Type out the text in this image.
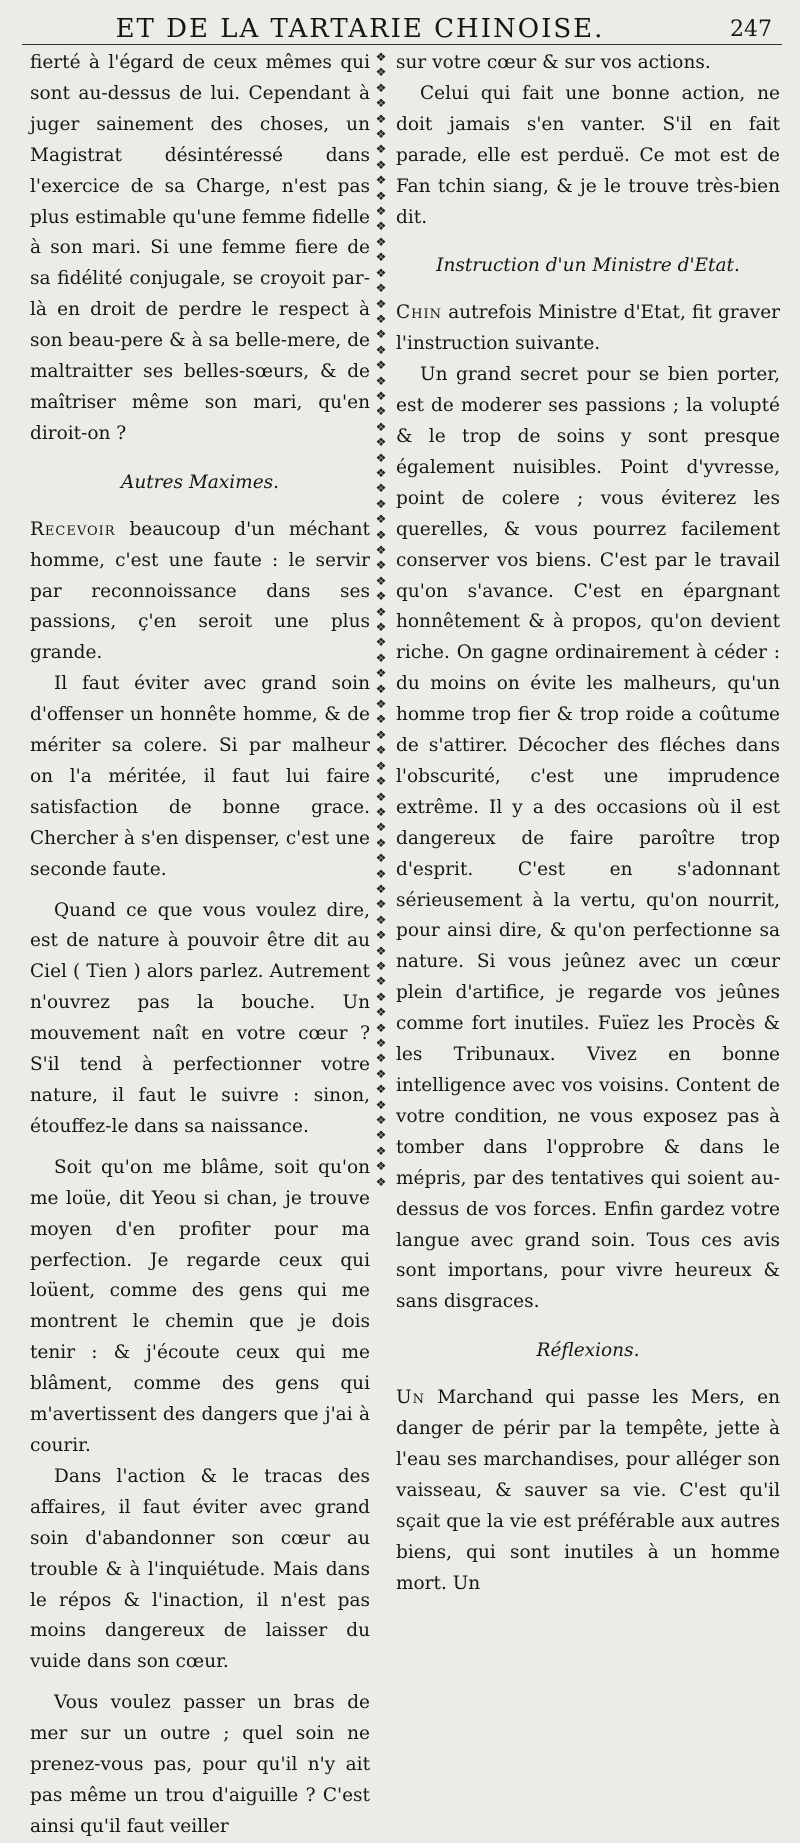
ET DE LA TARTARIE CHINOISE.	247

fierté à l'égard de ceux mêmes qui sont au-dessus de lui. Cependant à juger sainement des choses, un Magistrat désintéressé dans l'exercice de sa Charge, n'est pas plus estimable qu'une femme fidelle à son mari. Si une femme fiere de sa fidélité conjugale, se croyoit par-là en droit de perdre le respect à son beau-pere & à sa belle-mere, de maltraitter ses belles-sœurs, & de maîtriser même son mari, qu'en diroit-on ?

Autres Maximes.

Recevoir beaucoup d'un méchant homme, c'est une faute : le servir par reconnoissance dans ses passions, ç'en seroit une plus grande.

Il faut éviter avec grand soin d'offenser un honnête homme, & de mériter sa colere. Si par malheur on l'a méritée, il faut lui faire satisfaction de bonne grace. Chercher à s'en dispenser, c'est une seconde faute.

Quand ce que vous voulez dire, est de nature à pouvoir être dit au Ciel ( Tien ) alors parlez. Autrement n'ouvrez pas la bouche. Un mouvement naît en votre cœur ? S'il tend à perfectionner votre nature, il faut le suivre : sinon, étouffez-le dans sa naissance.

Soit qu'on me blâme, soit qu'on me loüe, dit Yeou si chan, je trouve moyen d'en profiter pour ma perfection. Je regarde ceux qui loüent, comme des gens qui me montrent le chemin que je dois tenir : & j'écoute ceux qui me blâment, comme des gens qui m'avertissent des dangers que j'ai à courir.

Dans l'action & le tracas des affaires, il faut éviter avec grand soin d'abandonner son cœur au trouble & à l'inquiétude. Mais dans le répos & l'inaction, il n'est pas moins dangereux de laisser du vuide dans son cœur.

Vous voulez passer un bras de mer sur un outre ; quel soin ne prenez-vous pas, pour qu'il n'y ait pas même un trou d'aiguille ? C'est ainsi qu'il faut veiller

❖
❖
❖
❖
❖
❖
❖
❖
❖
❖
❖
❖
❖
❖
❖
❖
❖
❖
❖
❖
❖
❖
❖
❖
❖
❖
❖
❖
❖
❖
❖
❖
❖
❖
❖
❖
❖
❖
❖
❖
❖
❖
❖
❖
❖
❖
❖
❖
❖
❖
❖
❖
❖
❖
❖
❖
❖
❖
❖
❖
❖
❖
❖
❖
❖
❖
❖
❖
❖
❖
❖
❖
❖
❖

sur votre cœur & sur vos actions.

Celui qui fait une bonne action, ne doit jamais s'en vanter. S'il en fait parade, elle est perduë. Ce mot est de Fan tchin siang, & je le trouve très-bien dit.

Instruction d'un Ministre d'Etat.

Chin autrefois Ministre d'Etat, fit graver l'instruction suivante.

Un grand secret pour se bien porter, est de moderer ses passions ; la volupté & le trop de soins y sont presque également nuisibles. Point d'yvresse, point de colere ; vous éviterez les querelles, & vous pourrez facilement conserver vos biens. C'est par le travail qu'on s'avance. C'est en épargnant honnêtement & à propos, qu'on devient riche. On gagne ordinairement à céder : du moins on évite les malheurs, qu'un homme trop fier & trop roide a coûtume de s'attirer. Décocher des fléches dans l'obscurité, c'est une imprudence extrême. Il y a des occasions où il est dangereux de faire paroître trop d'esprit. C'est en s'adonnant sérieusement à la vertu, qu'on nourrit, pour ainsi dire, & qu'on perfectionne sa nature. Si vous jeûnez avec un cœur plein d'artifice, je regarde vos jeûnes comme fort inutiles. Fuïez les Procès & les Tribunaux. Vivez en bonne intelligence avec vos voisins. Content de votre condition, ne vous exposez pas à tomber dans l'opprobre & dans le mépris, par des tentatives qui soient au-dessus de vos forces. Enfin gardez votre langue avec grand soin. Tous ces avis sont importans, pour vivre heureux & sans disgraces.

Réflexions.

Un Marchand qui passe les Mers, en danger de périr par la tempête, jette à l'eau ses marchandises, pour alléger son vaisseau, & sauver sa vie. C'est qu'il sçait que la vie est préférable aux autres biens, qui sont inutiles à un homme mort. Un
